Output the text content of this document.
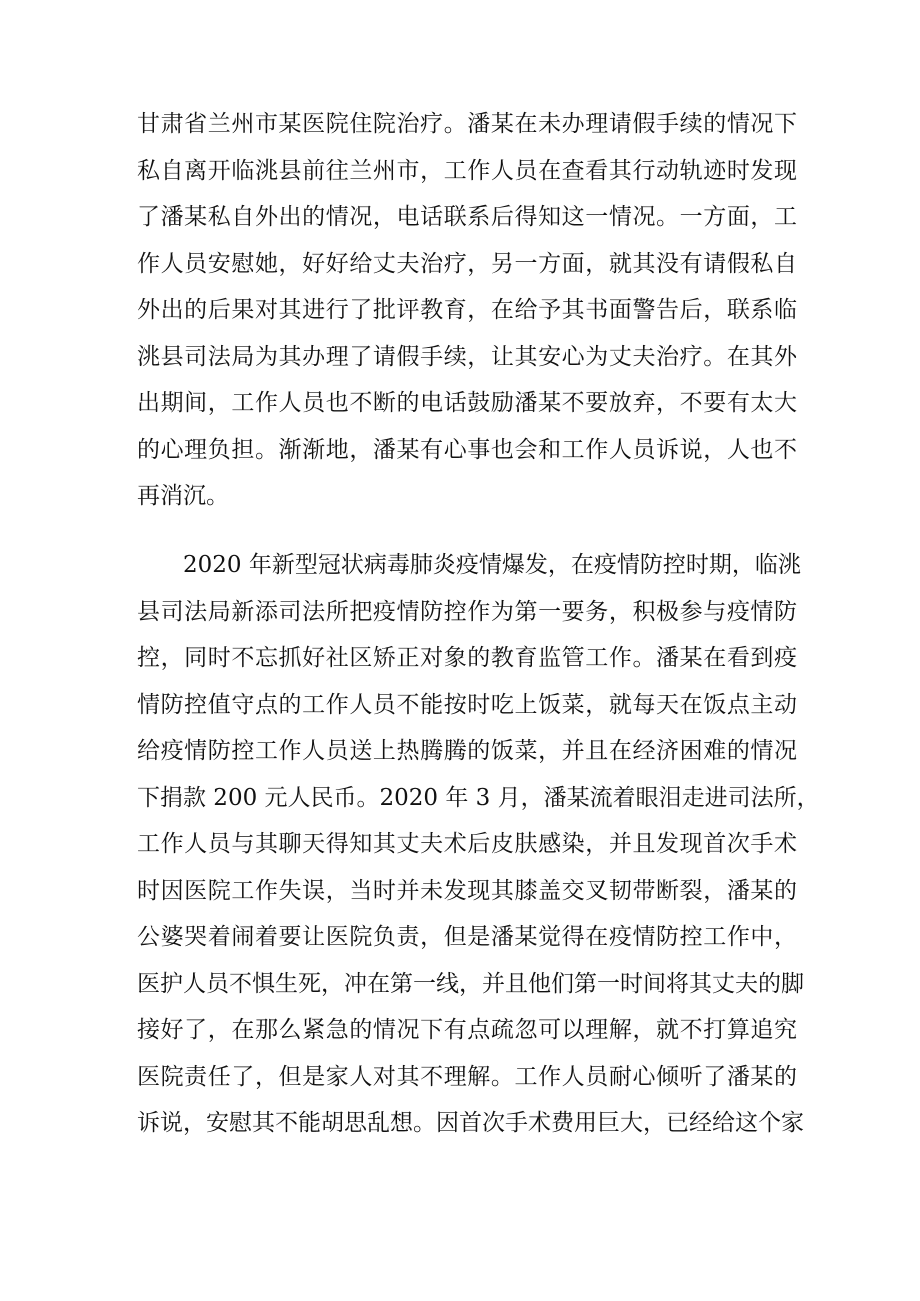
甘肃省兰州市某医院住院治疗。潘某在未办理请假手续的情况下
私自离开临洮县前往兰州市，工作人员在查看其行动轨迹时发现
了潘某私自外出的情况，电话联系后得知这一情况。一方面，工
作人员安慰她，好好给丈夫治疗，另一方面，就其没有请假私自
外出的后果对其进行了批评教育，在给予其书面警告后，联系临
洮县司法局为其办理了请假手续，让其安心为丈夫治疗。在其外
出期间，工作人员也不断的电话鼓励潘某不要放弃，不要有太大
的心理负担。渐渐地，潘某有心事也会和工作人员诉说，人也不
再消沉。
2020 年新型冠状病毒肺炎疫情爆发，在疫情防控时期，临洮
县司法局新添司法所把疫情防控作为第一要务，积极参与疫情防
控，同时不忘抓好社区矫正对象的教育监管工作。潘某在看到疫
情防控值守点的工作人员不能按时吃上饭菜，就每天在饭点主动
给疫情防控工作人员送上热腾腾的饭菜，并且在经济困难的情况
下捐款 200 元人民币。2020 年 3 月，潘某流着眼泪走进司法所，
工作人员与其聊天得知其丈夫术后皮肤感染，并且发现首次手术
时因医院工作失误，当时并未发现其膝盖交叉韧带断裂，潘某的
公婆哭着闹着要让医院负责，但是潘某觉得在疫情防控工作中，
医护人员不惧生死，冲在第一线，并且他们第一时间将其丈夫的脚
接好了，在那么紧急的情况下有点疏忽可以理解，就不打算追究
医院责任了，但是家人对其不理解。工作人员耐心倾听了潘某的
诉说，安慰其不能胡思乱想。因首次手术费用巨大，已经给这个家
